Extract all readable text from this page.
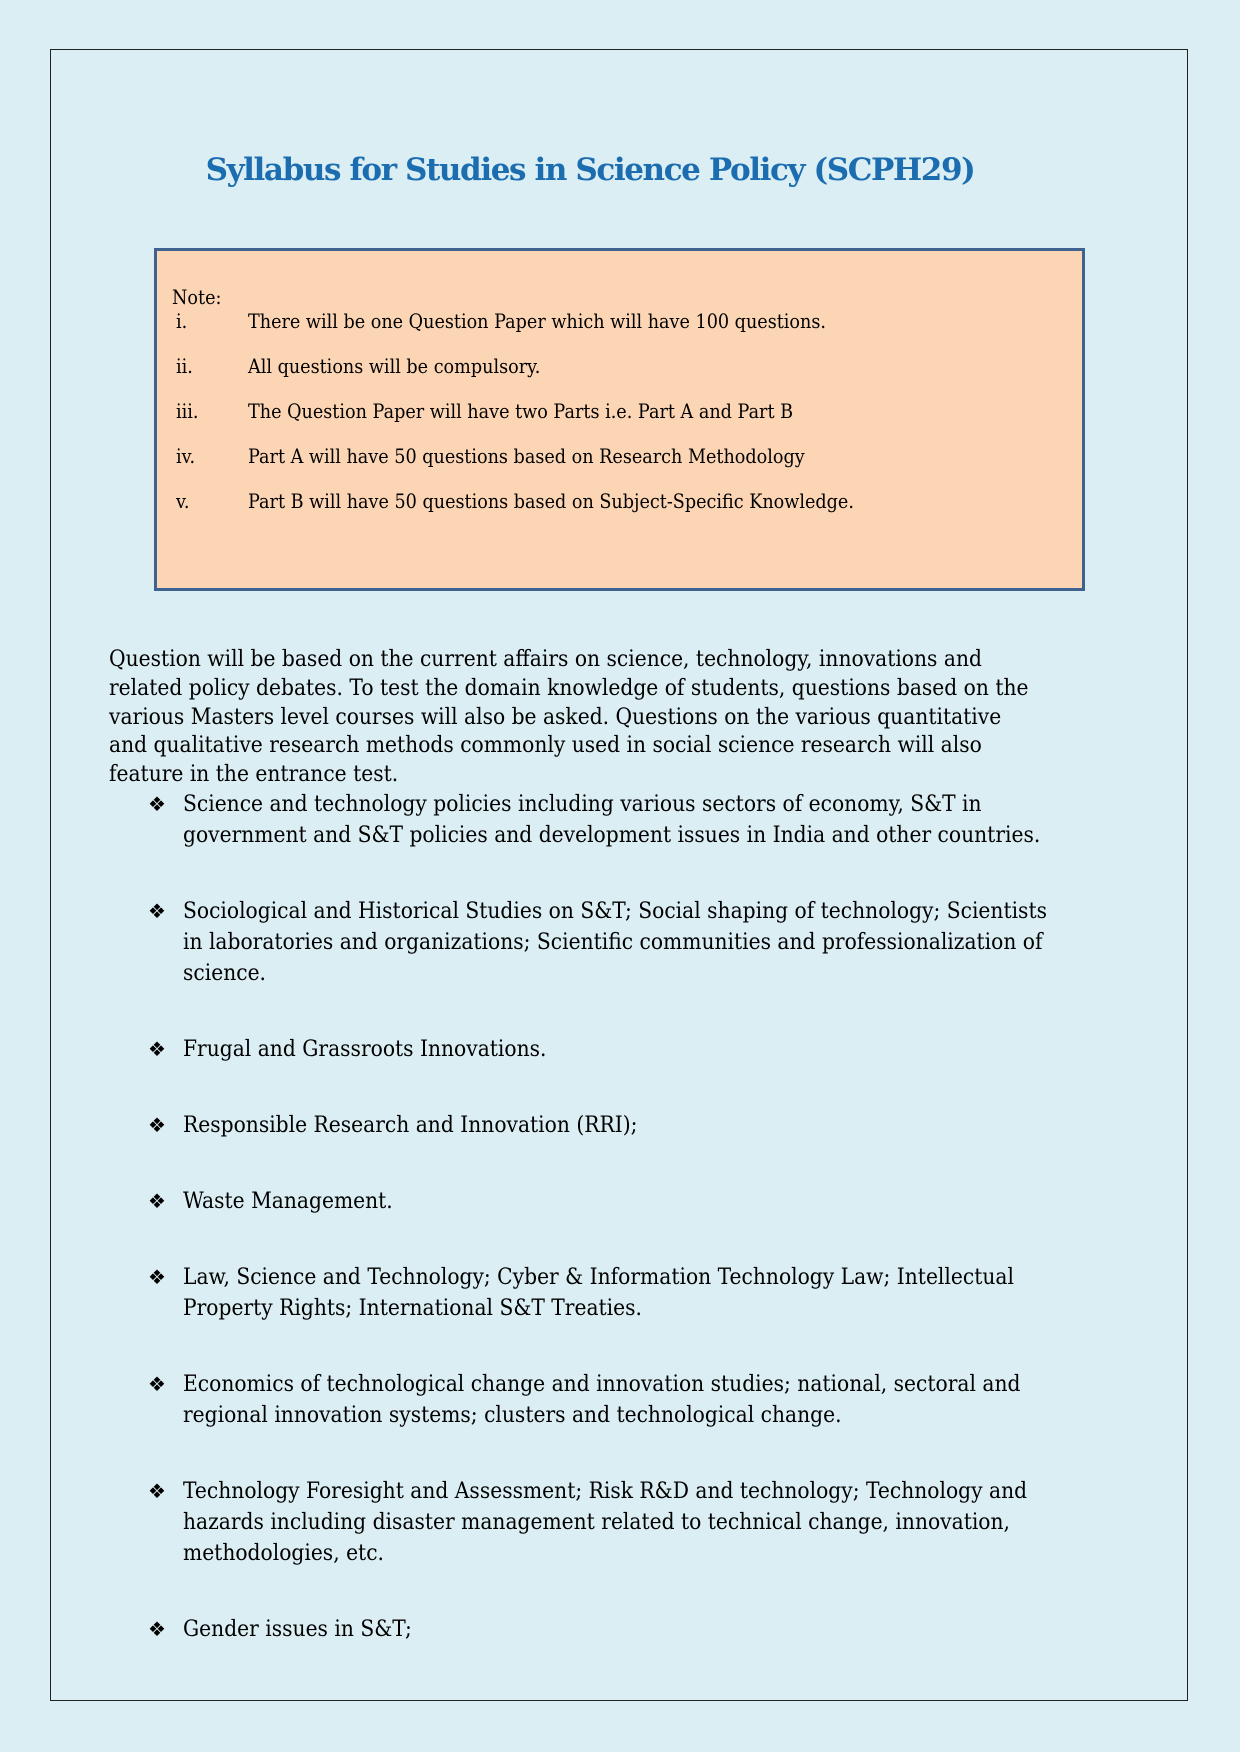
Syllabus for Studies in Science Policy (SCPH29)
Note:
i.	There will be one Question Paper which will have 100 questions.
ii.	All questions will be compulsory.
iii. The Question Paper will have two Parts i.e. Part A and Part B
iv.	Part A will have 50 questions based on Research Methodology
v.	Part B will have 50 questions based on Subject-Specific Knowledge.

Question will be based on the current affairs on science, technology, innovations and related policy debates. To test the domain knowledge of students, questions based on the various Masters level courses will also be asked. Questions on the various quantitative and qualitative research methods commonly used in social science research will also feature in the entrance test.

❖ Science and technology policies including various sectors of economy, S&T in government and S&T policies and development issues in India and other countries.
❖ Sociological and Historical Studies on S&T; Social shaping of technology; Scientists in laboratories and organizations; Scientific communities and professionalization of science.
❖ Frugal and Grassroots Innovations.
❖ Responsible Research and Innovation (RRI);
❖ Waste Management.
❖ Law, Science and Technology; Cyber & Information Technology Law; Intellectual Property Rights; International S&T Treaties.
❖ Economics of technological change and innovation studies; national, sectoral and regional innovation systems; clusters and technological change.
❖ Technology Foresight and Assessment; Risk R&D and technology; Technology and hazards including disaster management related to technical change, innovation, methodologies, etc.
❖ Gender issues in S&T;
